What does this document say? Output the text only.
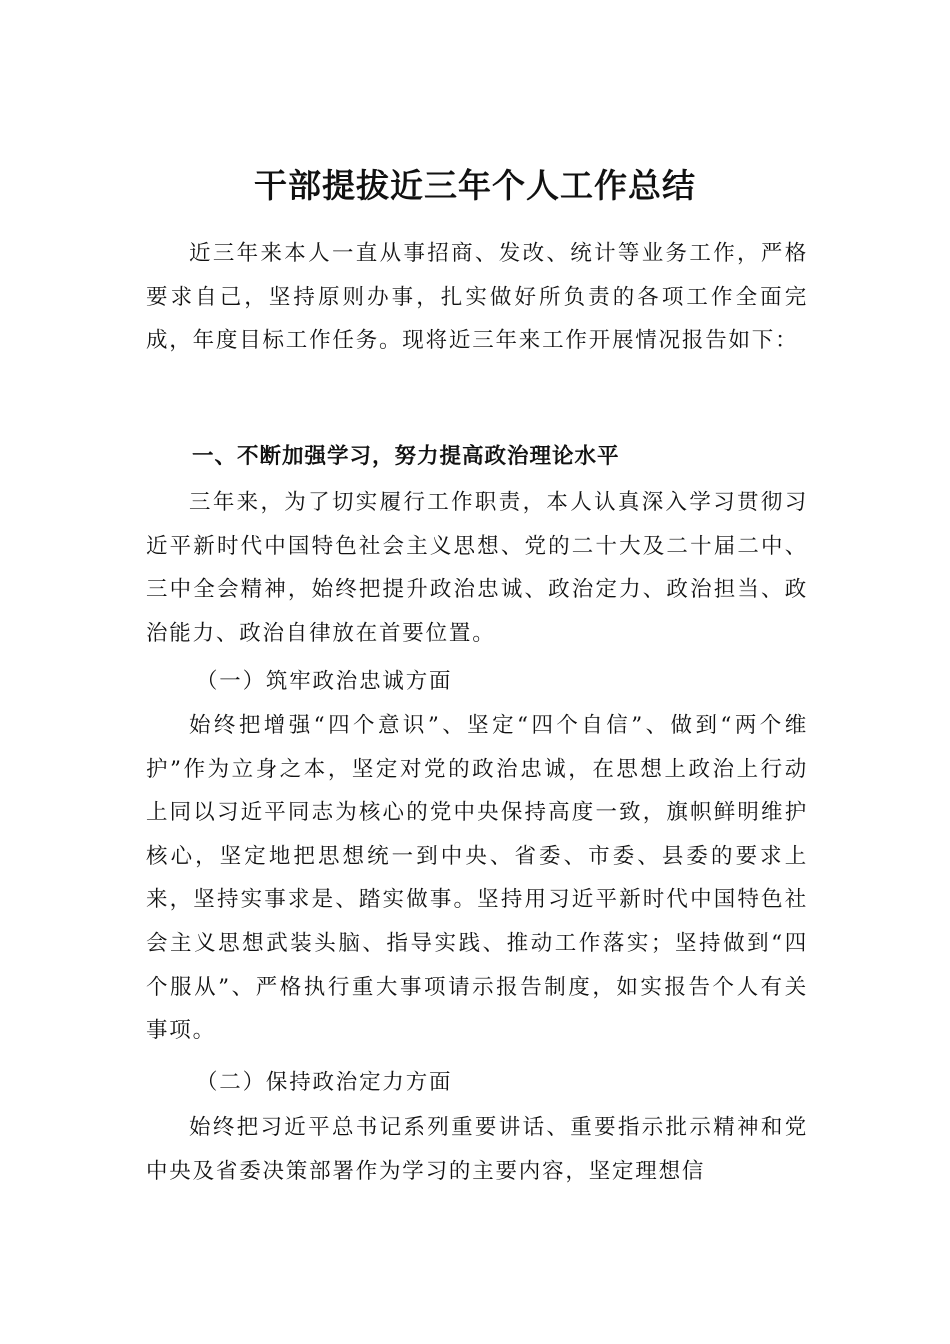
干部提拔近三年个人工作总结

近三年来本人一直从事招商、发改、统计等业务工作，严格要求自己，坚持原则办事，扎实做好所负责的各项工作全面完成，年度目标工作任务。现将近三年来工作开展情况报告如下：

一、不断加强学习，努力提高政治理论水平

三年来，为了切实履行工作职责，本人认真深入学习贯彻习近平新时代中国特色社会主义思想、党的二十大及二十届二中、三中全会精神，始终把提升政治忠诚、政治定力、政治担当、政治能力、政治自律放在首要位置。

（一）筑牢政治忠诚方面

始终把增强“四个意识”、坚定“四个自信”、做到“两个维护”作为立身之本，坚定对党的政治忠诚，在思想上政治上行动上同以习近平同志为核心的党中央保持高度一致，旗帜鲜明维护核心，坚定地把思想统一到中央、省委、市委、县委的要求上来，坚持实事求是、踏实做事。坚持用习近平新时代中国特色社会主义思想武装头脑、指导实践、推动工作落实；坚持做到“四个服从”、严格执行重大事项请示报告制度，如实报告个人有关事项。

（二）保持政治定力方面

始终把习近平总书记系列重要讲话、重要指示批示精神和党中央及省委决策部署作为学习的主要内容，坚定理想信
